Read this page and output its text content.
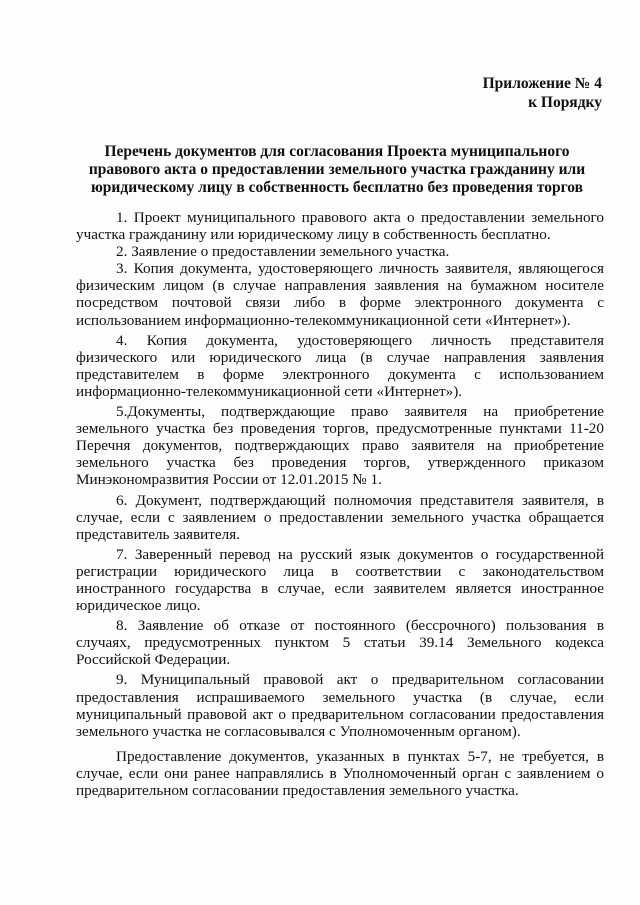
Приложение № 4
к Порядку
Перечень документов для согласования Проекта муниципального правового акта о предоставлении земельного участка гражданину или юридическому лицу в собственность бесплатно без проведения торгов

1. Проект муниципального правового акта о предоставлении земельного участка гражданину или юридическому лицу в собственность бесплатно.

2. Заявление о предоставлении земельного участка.

3. Копия документа, удостоверяющего личность заявителя, являющегося физическим лицом (в случае направления заявления на бумажном носителе посредством почтовой связи либо в форме электронного документа с использованием информационно-телекоммуникационной сети «Интернет»).

4. Копия документа, удостоверяющего личность представителя физического или юридического лица (в случае направления заявления представителем в форме электронного документа с использованием информационно-телекоммуникационной сети «Интернет»).

5.Документы, подтверждающие право заявителя на приобретение земельного участка без проведения торгов, предусмотренные пунктами 11-20 Перечня документов, подтверждающих право заявителя на приобретение земельного участка без проведения торгов, утвержденного приказом Минэкономразвития России от 12.01.2015 № 1.

6. Документ, подтверждающий полномочия представителя заявителя, в случае, если с заявлением о предоставлении земельного участка обращается представитель заявителя.

7. Заверенный перевод на русский язык документов о государственной регистрации юридического лица в соответствии с законодательством иностранного государства в случае, если заявителем является иностранное юридическое лицо.

8. Заявление об отказе от постоянного (бессрочного) пользования в случаях, предусмотренных пунктом 5 статьи 39.14 Земельного кодекса Российской Федерации.

9. Муниципальный правовой акт о предварительном согласовании предоставления испрашиваемого земельного участка (в случае, если муниципальный правовой акт о предварительном согласовании предоставления земельного участка не согласовывался с Уполномоченным органом).

Предоставление документов, указанных в пунктах 5-7, не требуется, в случае, если они ранее направлялись в Уполномоченный орган с заявлением о предварительном согласовании предоставления земельного участка.
